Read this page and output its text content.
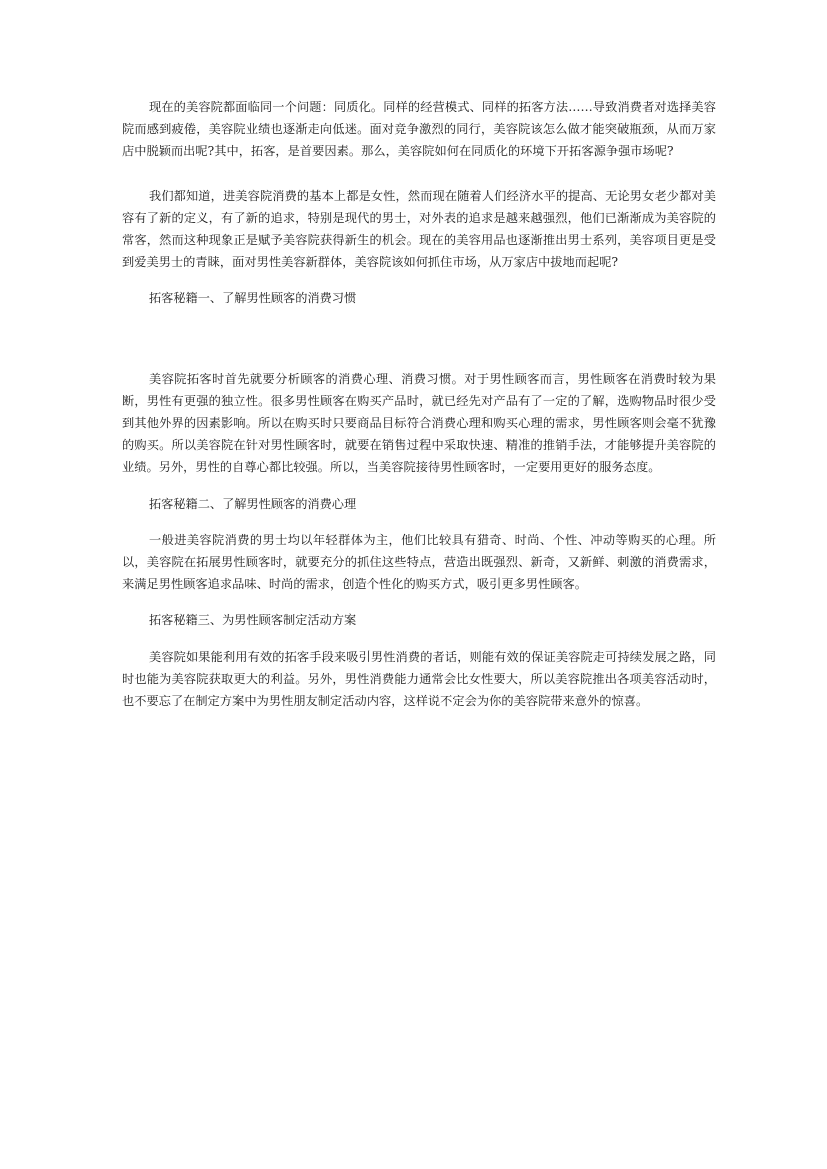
现在的美容院都面临同一个问题：同质化。同样的经营模式、同样的拓客方法……导致消费者对选择美容院而感到疲倦，美容院业绩也逐渐走向低迷。面对竞争激烈的同行，美容院该怎么做才能突破瓶颈，从而万家店中脱颖而出呢?其中，拓客，是首要因素。那么，美容院如何在同质化的环境下开拓客源争强市场呢?

我们都知道，进美容院消费的基本上都是女性，然而现在随着人们经济水平的提高、无论男女老少都对美容有了新的定义，有了新的追求，特别是现代的男士，对外表的追求是越来越强烈，他们已渐渐成为美容院的常客，然而这种现象正是赋予美容院获得新生的机会。现在的美容用品也逐渐推出男士系列，美容项目更是受到爱美男士的青睐，面对男性美容新群体，美容院该如何抓住市场，从万家店中拔地而起呢?

拓客秘籍一、了解男性顾客的消费习惯

美容院拓客时首先就要分析顾客的消费心理、消费习惯。对于男性顾客而言，男性顾客在消费时较为果断，男性有更强的独立性。很多男性顾客在购买产品时，就已经先对产品有了一定的了解，选购物品时很少受到其他外界的因素影响。所以在购买时只要商品目标符合消费心理和购买心理的需求，男性顾客则会毫不犹豫的购买。所以美容院在针对男性顾客时，就要在销售过程中采取快速、精准的推销手法，才能够提升美容院的业绩。另外，男性的自尊心都比较强。所以，当美容院接待男性顾客时，一定要用更好的服务态度。

拓客秘籍二、了解男性顾客的消费心理

一般进美容院消费的男士均以年轻群体为主，他们比较具有猎奇、时尚、个性、冲动等购买的心理。所以，美容院在拓展男性顾客时，就要充分的抓住这些特点，营造出既强烈、新奇，又新鲜、刺激的消费需求，来满足男性顾客追求品味、时尚的需求，创造个性化的购买方式，吸引更多男性顾客。

拓客秘籍三、为男性顾客制定活动方案

美容院如果能利用有效的拓客手段来吸引男性消费的者话，则能有效的保证美容院走可持续发展之路，同时也能为美容院获取更大的利益。另外，男性消费能力通常会比女性要大，所以美容院推出各项美容活动时，也不要忘了在制定方案中为男性朋友制定活动内容，这样说不定会为你的美容院带来意外的惊喜。
